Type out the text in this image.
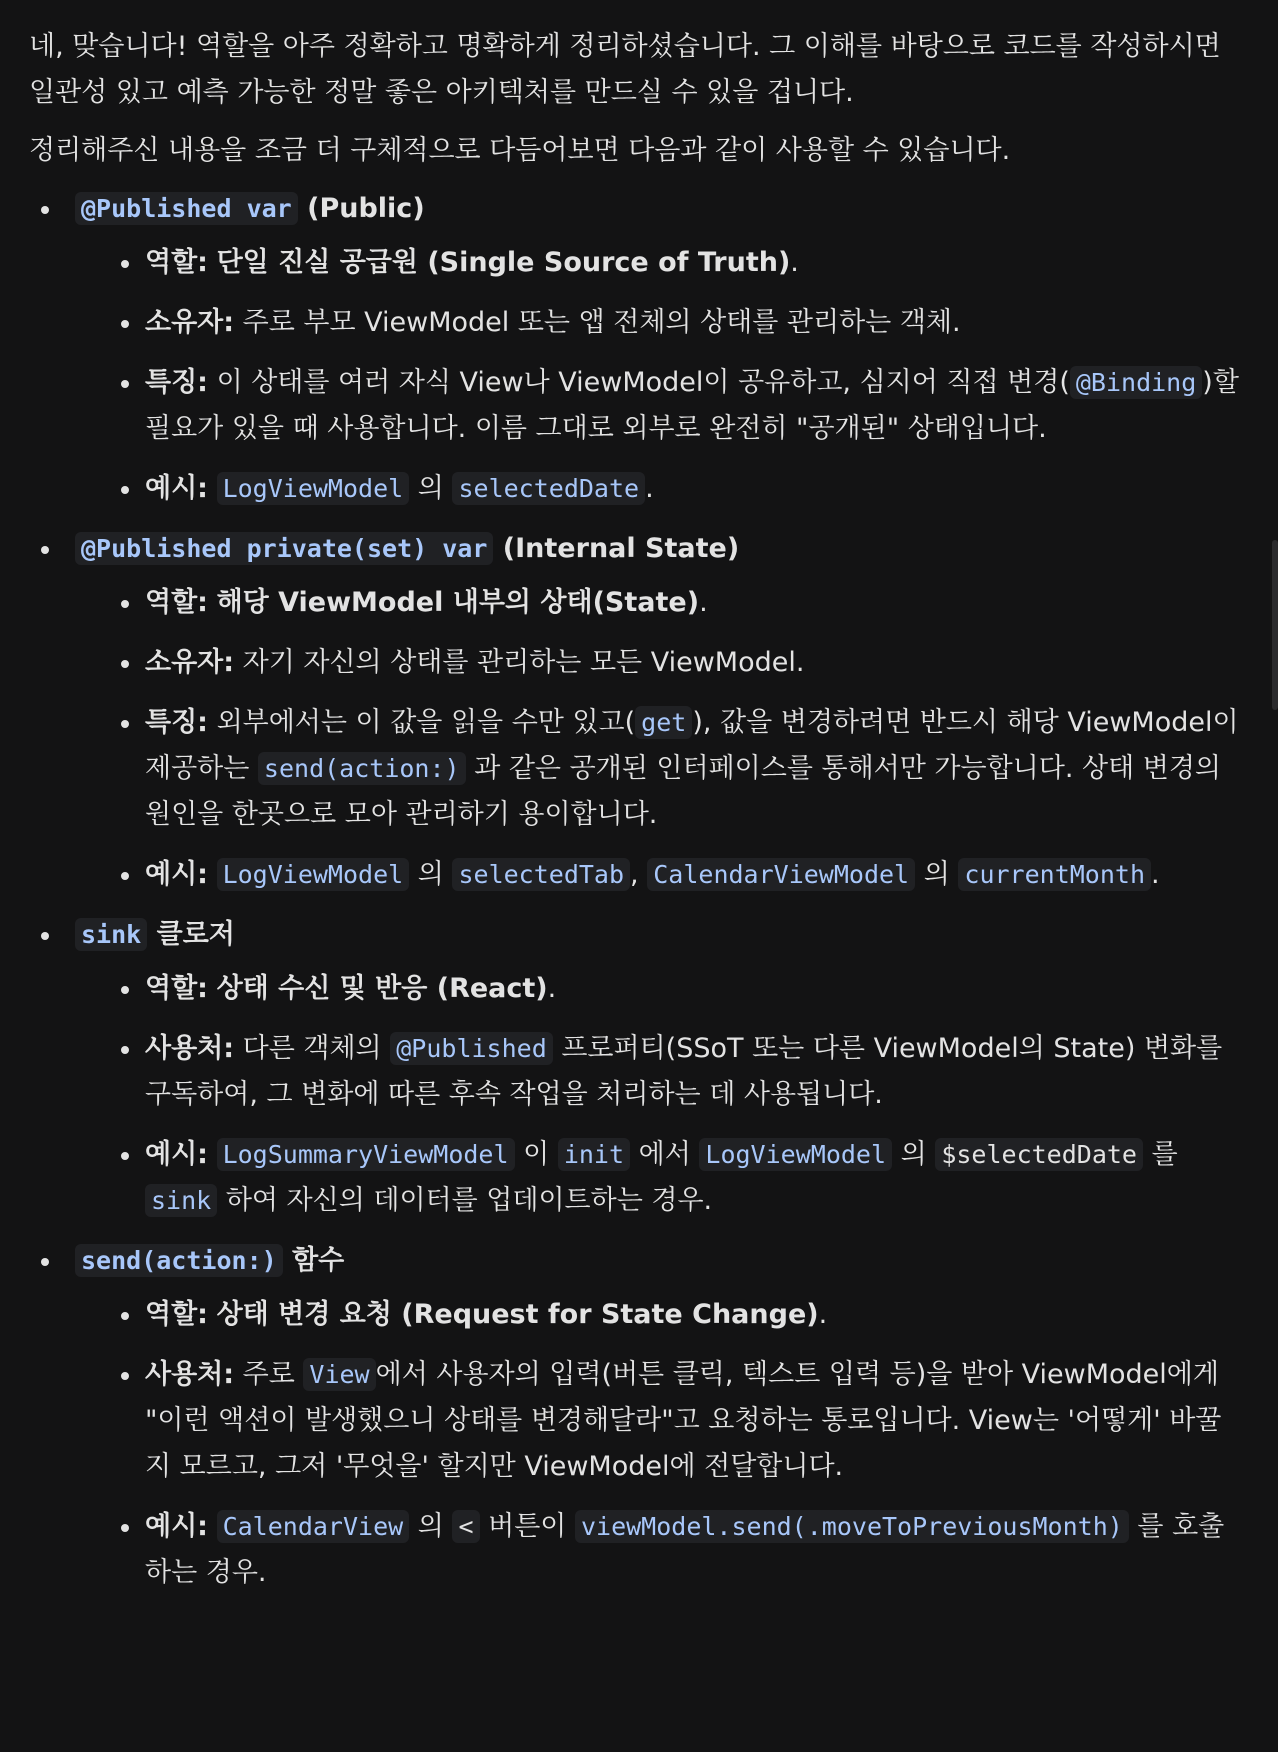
네, 맞습니다! 역할을 아주 정확하고 명확하게 정리하셨습니다. 그 이해를 바탕으로 코드를 작성하시면 일관성 있고 예측 가능한 정말 좋은 아키텍처를 만드실 수 있을 겁니다.

정리해주신 내용을 조금 더 구체적으로 다듬어보면 다음과 같이 사용할 수 있습니다.

@Published var (Public)
역할: 단일 진실 공급원 (Single Source of Truth).
소유자: 주로 부모 ViewModel 또는 앱 전체의 상태를 관리하는 객체.
특징: 이 상태를 여러 자식 View나 ViewModel이 공유하고, 심지어 직접 변경( @Binding )할 필요가 있을 때 사용합니다. 이름 그대로 외부로 완전히 "공개된" 상태입니다.
예시: LogViewModel 의 selectedDate .
@Published private(set) var (Internal State)
역할: 해당 ViewModel 내부의 상태(State).
소유자: 자기 자신의 상태를 관리하는 모든 ViewModel.
특징: 외부에서는 이 값을 읽을 수만 있고( get ), 값을 변경하려면 반드시 해당 ViewModel이 제공하는 send(action:) 과 같은 공개된 인터페이스를 통해서만 가능합니다. 상태 변경의 원인을 한곳으로 모아 관리하기 용이합니다.
예시: LogViewModel 의 selectedTab , CalendarViewModel 의 currentMonth .
sink 클로저
역할: 상태 수신 및 반응 (React).
사용처: 다른 객체의 @Published 프로퍼티(SSoT 또는 다른 ViewModel의 State) 변화를 구독하여, 그 변화에 따른 후속 작업을 처리하는 데 사용됩니다.
예시: LogSummaryViewModel 이 init 에서 LogViewModel 의 $selectedDate 를 sink 하여 자신의 데이터를 업데이트하는 경우.
send(action:) 함수
역할: 상태 변경 요청 (Request for State Change).
사용처: 주로 View 에서 사용자의 입력(버튼 클릭, 텍스트 입력 등)을 받아 ViewModel에게 "이런 액션이 발생했으니 상태를 변경해달라"고 요청하는 통로입니다. View는 '어떻게' 바꿀지 모르고, 그저 '무엇을' 할지만 ViewModel에 전달합니다.
예시: CalendarView 의 < 버튼이 viewModel.send(.moveToPreviousMonth) 를 호출하는 경우.
